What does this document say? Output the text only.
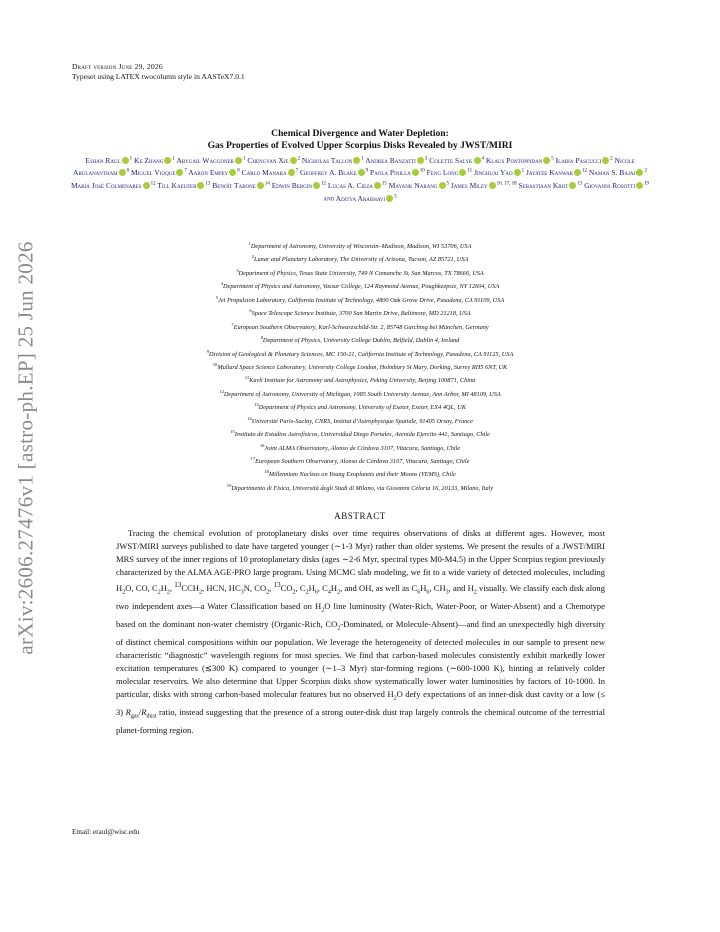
arXiv:2606.27476v1 [astro-ph.EP] 25 Jun 2026
Draft version June 29, 2026
Typeset using LATEX twocolumn style in AASTeX7.0.1
Chemical Divergence and Water Depletion:
Gas Properties of Evolved Upper Scorpius Disks Revealed by JWST/MIRI
Eshan Raul $^1$ Ke Zhang $^1$ Abygail Waggoner $^1$ Chengyan Xie $^2$ Nicholas Tallon $^1$ Andrea Banzatti $^3$ Colette Salyk $^4$ Klaus Pontoppidan $^5$ Ilaria Pascucci $^2$ Nicole Arulanantham $^6$ Miguel Vioque $^7$ Aaron Empey $^8$ Carlo Manara $^7$ Geoffrey A. Blake $^9$ Paola Pinilla $^{10}$ Feng Long $^{11}$ Jinghuai Yao $^1$ Jayatee Kanwar $^{12}$ Naman S. Bajaj $^2$ María José Colmenares $^{12}$ Till Kaeufer $^{13}$ Benoît Tabone $^{14}$ Edwin Bergin $^{12}$ Lucas A. Cieza $^{15}$ Mayank Narang $^5$ James Miley $^{16, 17, 18}$ Sebastiaan Krijt $^{13}$ Giovanni Rosotti $^{19}$ and Aditya Arabhavi $^5$
$^1$Department of Astronomy, University of Wisconsin–Madison, Madison, WI 53706, USA
$^2$Lunar and Planetary Laboratory, The University of Arizona, Tucson, AZ 85721, USA
$^3$Department of Physics, Texas State University, 749 N Comanche St, San Marcos, TX 78666, USA
$^4$Department of Physics and Astronomy, Vassar College, 124 Raymond Avenue, Poughkeepsie, NY 12604, USA
$^5$Jet Propulsion Laboratory, California Institute of Technology, 4800 Oak Grove Drive, Pasadena, CA 91109, USA
$^6$Space Telescope Science Institute, 3700 San Martin Drive, Baltimore, MD 21218, USA
$^7$European Southern Observatory, Karl-Schwarzschild-Str. 2, 85748 Garching bei München, Germany
$^8$Department of Physics, University College Dublin, Belfield, Dublin 4, Ireland
$^9$Division of Geological & Planetary Sciences, MC 150-21, California Institute of Technology, Pasadena, CA 91125, USA
$^{10}$Mullard Space Science Laboratory, University College London, Holmbury St Mary, Dorking, Surrey RH5 6NT, UK
$^{11}$Kavli Institute for Astronomy and Astrophysics, Peking University, Beijing 100871, China
$^{12}$Department of Astronomy, University of Michigan, 1085 South University Avenue, Ann Arbor, MI 48109, USA
$^{13}$Department of Physics and Astronomy, University of Exeter, Exeter, EX4 4QL, UK
$^{14}$Université Paris-Saclay, CNRS, Institut d’Astrophysique Spatiale, 91405 Orsay, France
$^{15}$Instituto de Estudios Astrofísicos, Universidad Diego Portales, Avenida Ejercito 441, Santiago, Chile
$^{16}$Joint ALMA Observatory, Alonso de Córdova 3107, Vitacura, Santiago, Chile
$^{17}$European Southern Observatory, Alonso de Córdova 3107, Vitacura, Santiago, Chile
$^{18}$Millennium Nucleus on Young Exoplanets and their Moons (YEMS), Chile
$^{19}$Dipartimento di Fisica, Università degli Studi di Milano, via Giovanni Celoria 16, 20133, Milano, Italy
ABSTRACT

Tracing the chemical evolution of protoplanetary disks over time requires observations of disks at different ages. However, most JWST/MIRI surveys published to date have targeted younger (∼1-3 Myr) rather than older systems. We present the results of a JWST/MIRI MRS survey of the inner regions of 10 protoplanetary disks (ages ∼2-6 Myr, spectral types M0-M4.5) in the Upper Scorpius region previously characterized by the ALMA AGE-PRO large program. Using MCMC slab modeling, we fit to a wide variety of detected molecules, including $H_2O$, CO, $C_2H_2$, $^{13}CCH_2$, HCN, $HC_3N$, $CO_2$, $^{13}CO_2$, $C_2H_6$, $C_4H_2$, and OH, as well as $C_6H_6$, $CH_3$, and $H_2$ visually. We classify each disk along two independent axes—a Water Classification based on $H_2O$ line luminosity (Water-Rich, Water-Poor, or Water-Absent) and a Chemotype based on the dominant non-water chemistry (Organic-Rich, $CO_2$-Dominated, or Molecule-Absent)—and find an unexpectedly high diversity of distinct chemical compositions within our population. We leverage the heterogeneity of detected molecules in our sample to present new characteristic “diagnostic” wavelength regions for most species. We find that carbon-based molecules consistently exhibit markedly lower excitation temperatures (≲300 K) compared to younger (∼1–3 Myr) star-forming regions (∼600-1000 K), hinting at relatively colder molecular reservoirs. We also determine that Upper Scorpius disks show systematically lower water luminosities by factors of 10-1000. In particular, disks with strong carbon-based molecular features but no observed $H_2O$ defy expectations of an inner-disk dust cavity or a low (≤ 3) $R_{gas}/R_{dust}$ ratio, instead suggesting that the presence of a strong outer-disk dust trap largely controls the chemical outcome of the terrestrial planet-forming region.

Email: eraul@wisc.edu
